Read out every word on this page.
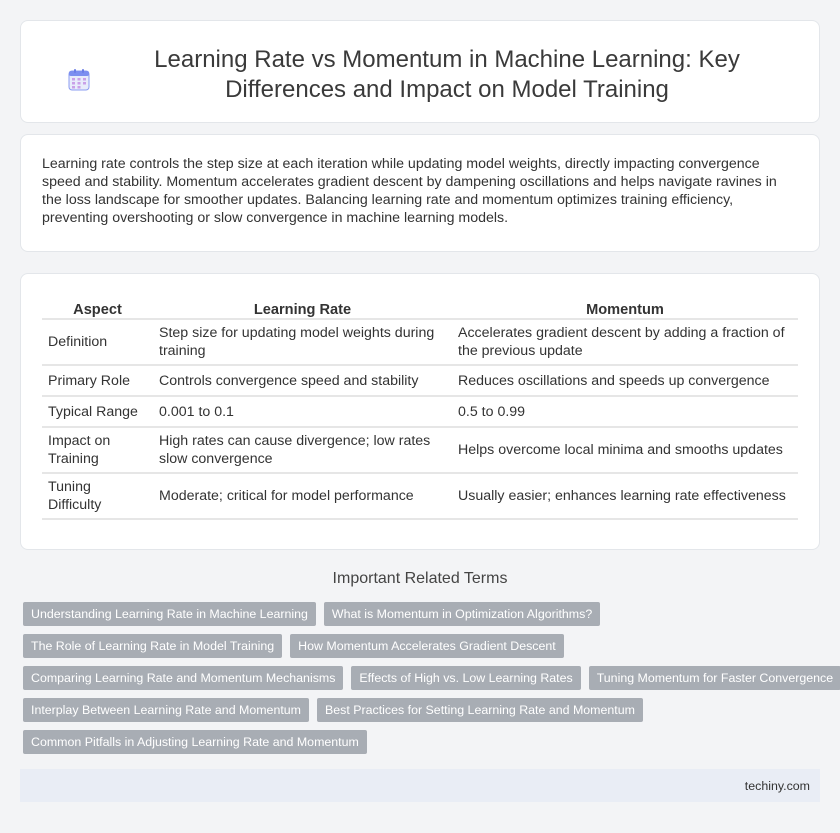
Learning Rate vs Momentum in Machine Learning: Key Differences and Impact on Model Training

Learning rate controls the step size at each iteration while updating model weights, directly impacting convergence speed and stability. Momentum accelerates gradient descent by dampening oscillations and helps navigate ravines in the loss landscape for smoother updates. Balancing learning rate and momentum optimizes training efficiency, preventing overshooting or slow convergence in machine learning models.

Aspect	Learning Rate	Momentum
Definition	Step size for updating model weights during training	Accelerates gradient descent by adding a fraction of the previous update
Primary Role	Controls convergence speed and stability	Reduces oscillations and speeds up convergence
Typical Range	0.001 to 0.1	0.5 to 0.99
Impact on Training	High rates can cause divergence; low rates slow convergence	Helps overcome local minima and smooths updates
Tuning Difficulty	Moderate; critical for model performance	Usually easier; enhances learning rate effectiveness
Important Related Terms
Understanding Learning Rate in Machine Learning	What is Momentum in Optimization Algorithms?
The Role of Learning Rate in Model Training	How Momentum Accelerates Gradient Descent
Comparing Learning Rate and Momentum Mechanisms	Effects of High vs. Low Learning Rates	Tuning Momentum for Faster Convergence
Interplay Between Learning Rate and Momentum	Best Practices for Setting Learning Rate and Momentum
Common Pitfalls in Adjusting Learning Rate and Momentum
techiny.com
